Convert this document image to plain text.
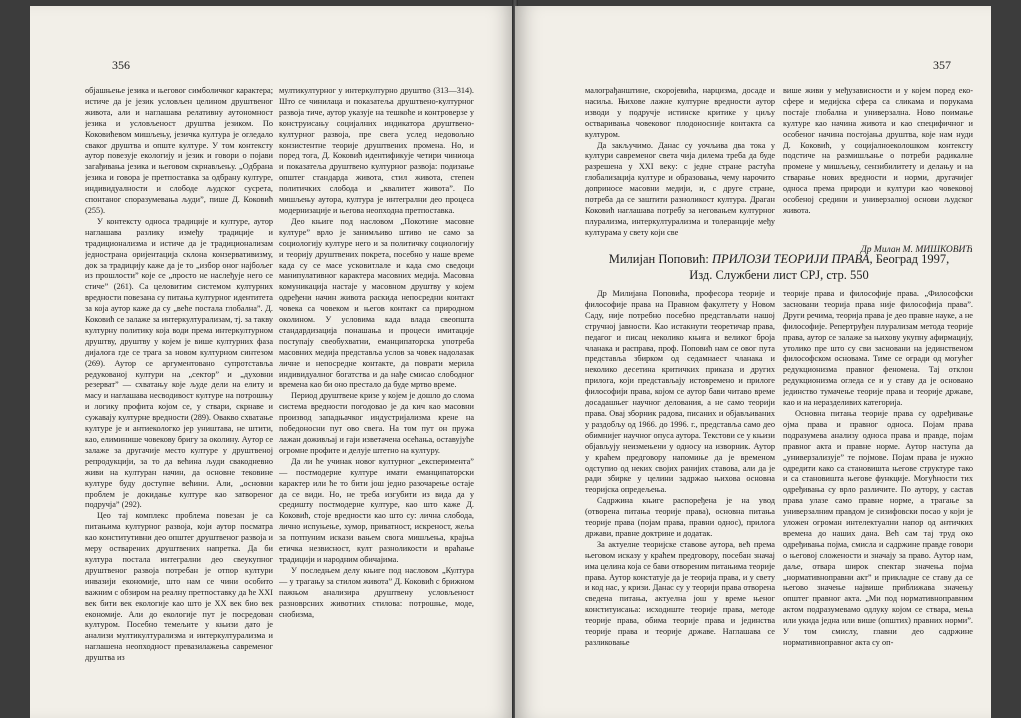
356

објашњење језика и његовог симболичког карактера; истиче да је језик условљен целином друштвеног живота, али и наглашава релативну аутономност језика и условљеност друштва језиком. По Коковићевом мишљењу, језичка култура је огледало сваког друштва и опште културе. У том контексту аутор повезује екологију и језик и говори о појави загађивања језика и његовом скрнављењу. „Одбрана језика и говора је претпоставка за одбрану културе, индивидуалности и слободе људског сусрета, спонтаног споразумевања људи”, пише Д. Коковић (255).

У контексту односа традиције и културе, аутор наглашава разлику између традиције и традиционализма и истиче да је традиционализам једнострана оријентација склона конзервативизму, док за традицију каже да је то „избор оног најбољег из прошлости” које се „просто не наслеђује него се стиче” (261). Са целовитим системом културних вредности повезана су питања културног идентитета за која аутор каже да су „веће постала глобална”. Д. Коковић се залаже за интеркултурализам, тј. за такву културну политику која води према интеркултурном друштву, друштву у којем је више културних фаза дијалога где се трага за новом културном синтезом (269). Аутор се аргументовано супротставља редукованој култури на „сектор” и „духовни резерват” — схватању које људе дели на елиту и масу и наглашава несводивост културе на потрошњу и логику профита којом се, у ствари, скрнаве и сужавају културне вредности (289). Овакво схватање културе је и антиекологко јер уништава, не штити, као, елиминише човекову бригу за околину. Аутор се залаже за другачије место културе у друштвеној репродукцији, за то да већина људи свакодневно живи на културан начин, да основне тековине културе буду доступне већини. Али, „основни проблем је докидање културе као затвореног подручја” (292).

Цео тај комплекс проблема повезан је са питањима културног развоја, који аутор посматра као конститутивни део општег друштвеног развоја и меру остварених друштвених напретка. Да би култура постала интегрални део свеукупног друштвеног развоја потребан је отпор култури инвазији економије, што нам се чини особито важним с обзиром на реалну претпоставку да ће XXI век бити век екологије као што је XX век био век економије. Али до екологије пут је посредован културом. Посебно темељите у књизи дато је анализи мултикултурализма и интеркултурализма и наглашена неопходност превазилажења савременог друштва из

мултикултурног у интеркултурно друштво (313—314). Што се чинилаца и показатеља друштвено-културног развоја тиче, аутор указује на тешкоће и контроверзе у конструисању социјалних индикатора друштвено-културног развоја, пре свега услед недовољно конзистентне теорије друштвених промена. Но, и поред тога, Д. Коковић идентификује четири чиниоца и показатеља друштвено културног развоја: подизање општег стандарда живота, стил живота, степен политичких слобода и „квалитет живота”. По мишљењу аутора, култура је интегрални део процеса модернизације и његова неопходна претпоставка.

Део књиге под насловом „Покотине масовне културе” врло је занимљиво штиво не само за социологију културе него и за политичку социологију и теорију друштвених покрета, посебно у наше време када су се масе усковитлале и када смо сведоци манипулативног карактера масовних медија. Масовна комуникација настаје у масовном друштву у којем одређени начин живота раскида непосредни контакт човека са човеком и његов контакт са природном околином. У условима када влада свеопшта стандардизација понашања и процеси имитације поступају свеобухватни, еманципаторска употреба масовних медија представља услов за човек надолазак личне и непосредне контакте, да поврати мерила индивидуалног богатства и да нађе смисао слободног времена као би оно престало да буде мртво време.

Период друштвене кризе у којем је дошло до слома система вредности погодовао је да кич као масовни производ западњачког индустријализма крене на победоносни пут ово свега. На том пут он пружа лажан доживљај и гаји изветачена осећања, оставујуће огромне профите и делује штетно на културу.

Да ли ће учинак новог културног „експеримента” — постмодерне културе имати еманципаторски карактер или ће то бити још једно разочарење остаје да се види. Но, не треба изгубити из вида да у средишту постмодерне културе, као што каже Д. Коковић, стоје вредности као што су: лична слобода, лично испуњење, хумор, приватност, искреност, жеља за потпуним искази вањем свога мишљења, крајња етичка незвисност, култ разноликости и враћање традицији и народним обичајима.

У последњем делу књиге под насловом „Култура — у трагању за стилом живота” Д. Коковић с брижном пажњом анализира друштвену условљеност разноврсних животних стилова: потрошње, моде, снобизма,

357

малограђанштине, скоројевића, нарцизма, досаде и насиља. Њихове лажне културне вредности аутор изводи у подручје истинске критике у циљу остваривања човековог плодоносније контакта са културом.

Да закључимо. Данас су уочљива два тока у култури савременог света чија дилема треба да буде разрешена у XXI веку: с једне стране растућа глобализација културе и образовања, чему нарочито доприносе масовни медији, и, с друге стране, потреба да се заштити разноликост култура. Драган Коковић наглашава потребу за неговањем културног плурализма, интеркултурализма и толеранције међу културама у свету који све

више живи у међузависности и у којем поред еко-сфере и медијска сфера са сликама и порукама постаје глобална и универзална. Ново поимање културе као начина живота и као специфичног и особеног начина постојања друштва, које нам нуди Д. Коковић, у социјалноеколошком контексту подстиче на размишљање о потреби радикалне промене у мишљењу, сензибилитету и делању и на стварање нових вредности и норми, другачијег односа према природи и култури као човековој особеној средини и универзалној основи људског живота.

Др Милан М. МИШКОВИЋ
Милијан Поповић: ПРИЛОЗИ ТЕОРИЈИ ПРАВА, Београд 1997,
Изд. Службени лист СРЈ, стр. 550

Др Милијана Поповића, професора теорије и философије права на Правном факултету у Новом Саду, није потребно посебно представљати нашој стручној јавности. Као истакнути теоретичар права, педагог и писац неколико књига и великог броја чланака и расправа, проф. Поповић нам се овог пута представља збирком од седамнаест чланака и неколико десетина критичких приказа и других прилога, који представљају истовремено и прилоге философији права, којом се аутор бави читаво време досадашњег научног делования, а не само теорији права. Овај зборник радова, писаних и објављиваних у раздобљу од 1966. до 1996. г., представља само део обимнијег научног опуса аутора. Текстови се у књизи објављују неизмењени у односу на изворник. Аутор у краћем предговору напомиње да је временом одступио од неких својих ранијих ставова, али да је ради збирке у целини задржао њихова основна теоријска опредељења.

Садржина књиге распоређена је на увод (отворена питања теорије права), основна питања теорије права (појам права, правни однос), прилога држави, правне доктрине и додатак.

За актуелне теоријске ставове аутора, већ према његовом исказу у краћем предговору, посебан значај има целина која се бави отвореним питањима теорије права. Аутор констатује да је теорија права, и у свету и код нас, у кризи. Данас су у теорији права отворена сведена питања, актуелна још у време њеног конституисања: исходиште теорије права, методе теорије права, обима теорије права и јединства теорије права и теорије државе. Наглашава се разликовање

теорије права и философије права. „Философски засновани теорија права није философија права”. Други речима, теорија права је део правне науке, а не философије. Репертруђен плурализам метода теорије права, аутор се залаже за њихову укупну афирмацију, утолико пре што су сви засновани на јединственом философском основама. Тиме се огради од могућег редукционизма правног феномена. Тај отклон редукционизма огледа се и у ставу да је основано јединство тумачење теорије права и теорије државе, као и на неразделивих категорија.

Основна питања теорије права су одређивање ојма права и правног односа. Појам права подразумева анализу односа права и правде, појам правног акта и правне норме. Аутор наступа да „универзализује” те појмове. Појам права је нужно одредити како са становишта његове структуре тако и са становишта његове функције. Могућности тих одређивања су врло различите. По аутору, у састав права улазе само правне норме, а трагање за универзалним правдом је сизифовски посао у који је уложен огроман интелектуални напор од античких времена до наших дана. Већ сам тај труд око одређивања појма, смисла и садржине правде говори о његовој сложености и значају за право. Аутор нам, даље, отвара широк спектар значења појма „нормативноправни акт” и прикладне се ставу да се његово значење највише приближава значењу општег правног акта. „Ми под нормативноправним актом подразумевамо одлуку којом се ствара, мења или укида једна или више (општих) правних норми”. У том смислу, главни део садржине нормативноправног акта су оп-
